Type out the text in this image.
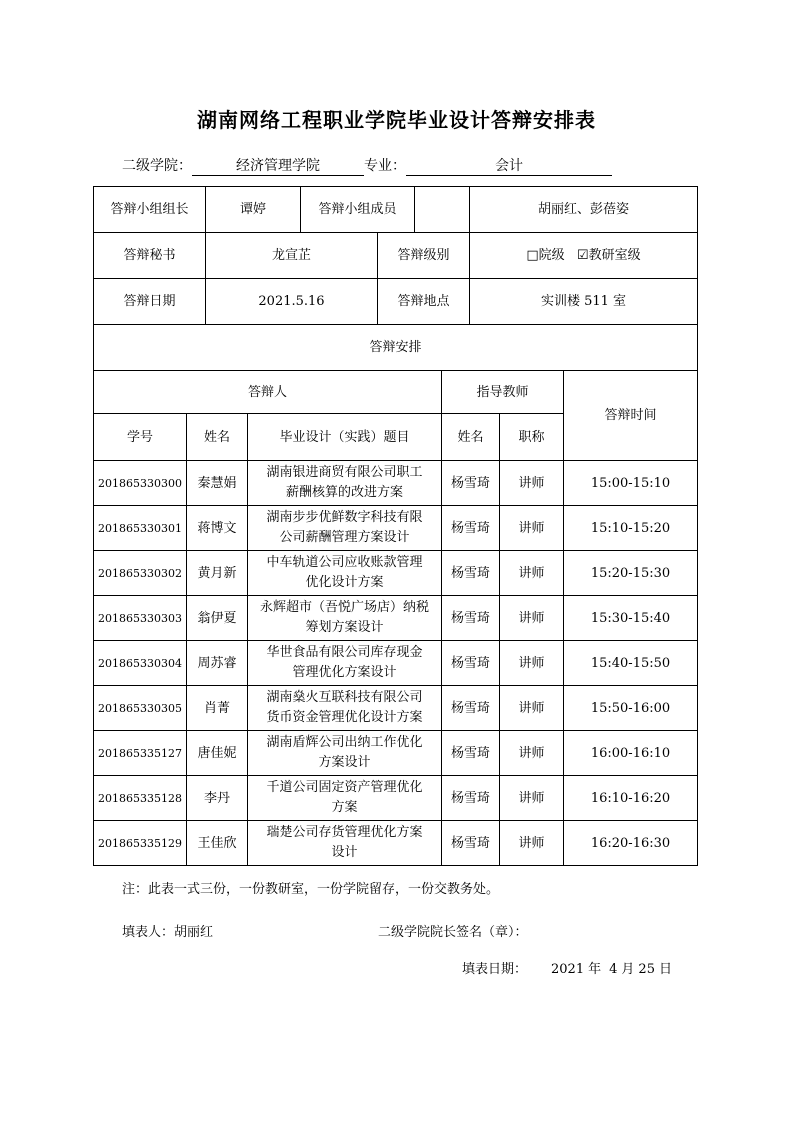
湖南网络工程职业学院毕业设计答辩安排表
二级学院：	经济管理学院	专业：	会计
答辩小组组长	谭婷	答辩小组成员		胡丽红、彭蓓姿
答辩秘书	龙宣芷		答辩级别	□院级 ☑教研室级
答辩日期	2021.5.16		答辩地点	实训楼 511 室
答辩安排				
答辩人			指导教师		答辩时间
学号	姓名	毕业设计（实践）题目	姓名	职称	
201865330300	秦慧娟	湖南银进商贸有限公司职工
薪酬核算的改进方案	杨雪琦	讲师	15:00-15:10
201865330301	蒋博文	湖南步步优鲜数字科技有限
公司薪酬管理方案设计	杨雪琦	讲师	15:10-15:20
201865330302	黄月新	中车轨道公司应收账款管理
优化设计方案	杨雪琦	讲师	15:20-15:30
201865330303	翁伊夏	永辉超市（吾悦广场店）纳税
筹划方案设计	杨雪琦	讲师	15:30-15:40
201865330304	周苏睿	华世食品有限公司库存现金
管理优化方案设计	杨雪琦	讲师	15:40-15:50
201865330305	肖菁	湖南燊火互联科技有限公司
货币资金管理优化设计方案	杨雪琦	讲师	15:50-16:00
201865335127	唐佳妮	湖南盾辉公司出纳工作优化
方案设计	杨雪琦	讲师	16:00-16:10
201865335128	李丹	千道公司固定资产管理优化
方案	杨雪琦	讲师	16:10-16:20
201865335129	王佳欣	瑞楚公司存货管理优化方案
设计	杨雪琦	讲师	16:20-16:30
注：此表一式三份，一份教研室，一份学院留存，一份交教务处。
填表人：胡丽红	二级学院院长签名（章）：
填表日期： 2021 年 4 月 25 日
